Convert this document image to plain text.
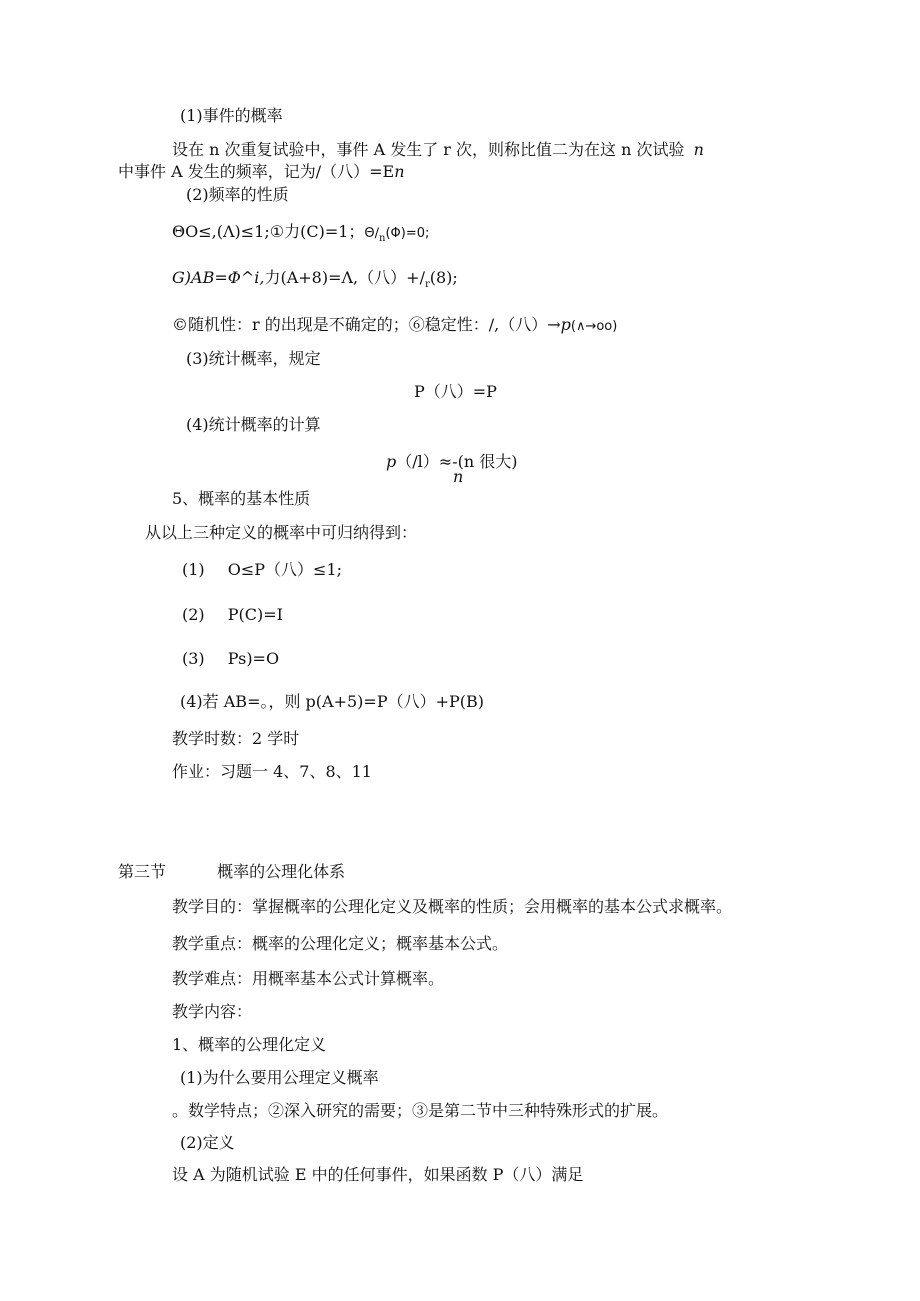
(1)事件的概率
设在 n 次重复试验中，事件 A 发生了 r 次，则称比值二为在这 n 次试验 n
中事件 A 发生的频率，记为/（八）=En
(2)频率的性质
ΘO≤,(Λ)≤1;①力(C)=1；$\Theta∕_n(\Phi)=0$;
G)AB=Φ^i,力(A+8)=Λ,（八）$+∕_r(8)$;
©随机性：r 的出现是不确定的；⑥稳定性：/,（八）→p(∧→oo)
(3)统计概率，规定
P（八）=P
(4)统计概率的计算
p（/l）≈-(n 很大)
n
5、概率的基本性质
从以上三种定义的概率中可归纳得到：
(1) O≤P（八）≤1;
(2) P(C)=I
(3) Ps)=O
(4)若 AB=。，则 p(A+5)=P（八）+P(B)
教学时数：2 学时
作业：习题一 4、7、8、11
第三节	概率的公理化体系
教学目的：掌握概率的公理化定义及概率的性质；会用概率的基本公式求概率。
教学重点：概率的公理化定义；概率基本公式。
教学难点：用概率基本公式计算概率。
教学内容：
1、概率的公理化定义
(1)为什么要用公理定义概率
。数学特点；②深入研究的需要；③是第二节中三种特殊形式的扩展。
(2)定义
设 A 为随机试验 E 中的任何事件，如果函数 P（八）满足
